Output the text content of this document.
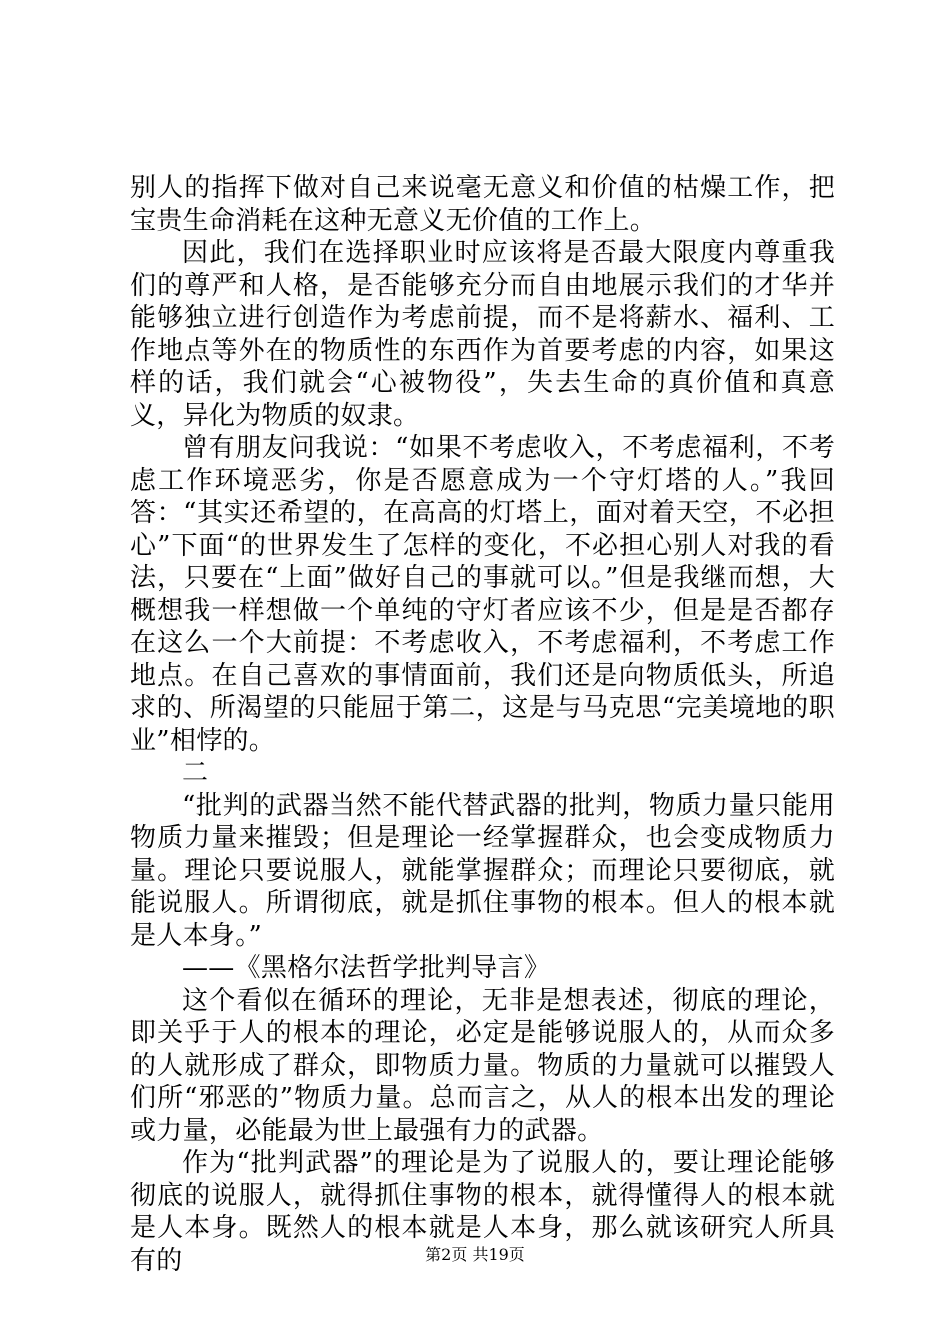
别人的指挥下做对自己来说毫无意义和价值的枯燥工作，把宝贵生命消耗在这种无意义无价值的工作上。

因此，我们在选择职业时应该将是否最大限度内尊重我们的尊严和人格，是否能够充分而自由地展示我们的才华并能够独立进行创造作为考虑前提，而不是将薪水、福利、工作地点等外在的物质性的东西作为首要考虑的内容，如果这样的话，我们就会“心被物役”，失去生命的真价值和真意义，异化为物质的奴隶。

曾有朋友问我说：“如果不考虑收入，不考虑福利，不考虑工作环境恶劣，你是否愿意成为一个守灯塔的人。”我回答：“其实还希望的，在高高的灯塔上，面对着天空，不必担心”下面“的世界发生了怎样的变化，不必担心别人对我的看法，只要在“上面”做好自己的事就可以。”但是我继而想，大概想我一样想做一个单纯的守灯者应该不少，但是是否都存在这么一个大前提：不考虑收入，不考虑福利，不考虑工作地点。在自己喜欢的事情面前，我们还是向物质低头，所追求的、所渴望的只能屈于第二，这是与马克思“完美境地的职业”相悖的。

二

“批判的武器当然不能代替武器的批判，物质力量只能用物质力量来摧毁；但是理论一经掌握群众，也会变成物质力量。理论只要说服人，就能掌握群众；而理论只要彻底，就能说服人。所谓彻底，就是抓住事物的根本。但人的根本就是人本身。”

——《黑格尔法哲学批判导言》

这个看似在循环的理论，无非是想表述，彻底的理论，即关乎于人的根本的理论，必定是能够说服人的，从而众多的人就形成了群众，即物质力量。物质的力量就可以摧毁人们所“邪恶的”物质力量。总而言之，从人的根本出发的理论或力量，必能最为世上最强有力的武器。

作为“批判武器”的理论是为了说服人的，要让理论能够彻底的说服人，就得抓住事物的根本，就得懂得人的根本就是人本身。既然人的根本就是人本身，那么就该研究人所具有的	第2页 共19页
